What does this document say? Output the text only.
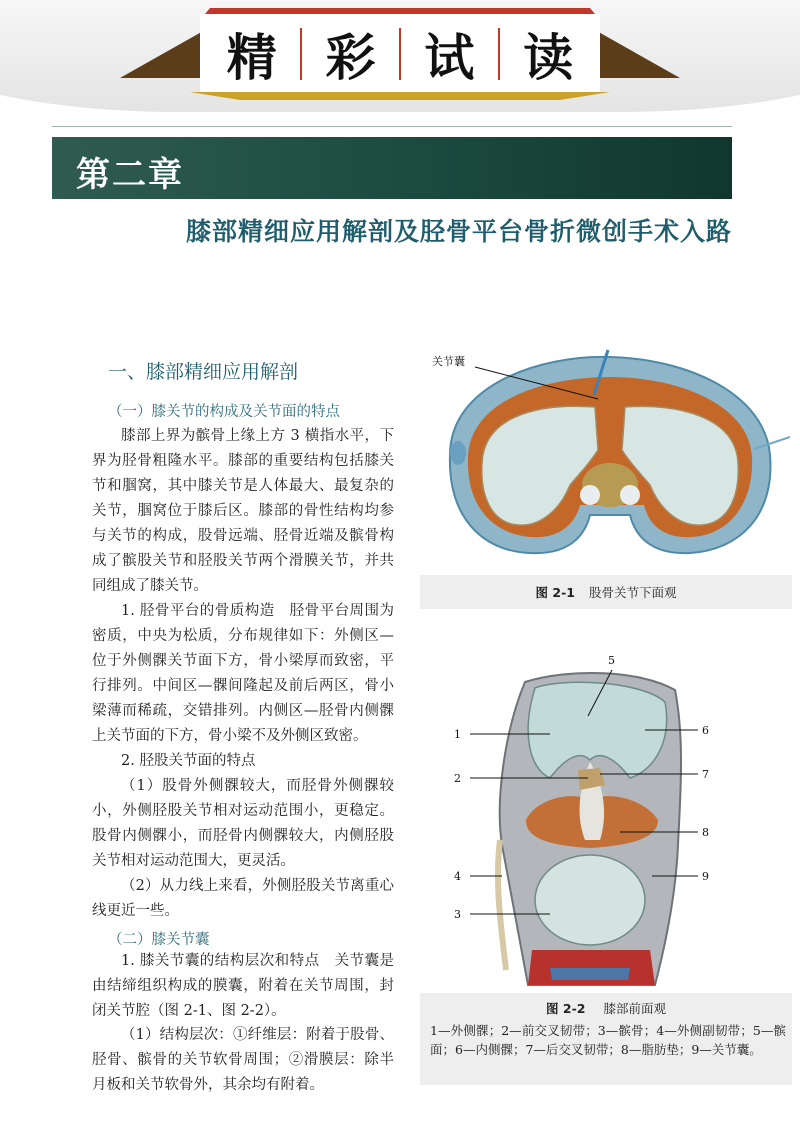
精 彩 试 读
第二章
膝部精细应用解剖及胫骨平台骨折微创手术入路
一、膝部精细应用解剖
（一）膝关节的构成及关节面的特点

膝部上界为髌骨上缘上方 3 横指水平，下界为胫骨粗隆水平。膝部的重要结构包括膝关节和腘窝，其中膝关节是人体最大、最复杂的关节，腘窝位于膝后区。膝部的骨性结构均参与关节的构成，股骨远端、胫骨近端及髌骨构成了髌股关节和胫股关节两个滑膜关节，并共同组成了膝关节。

1. 胫骨平台的骨质构造　胫骨平台周围为密质，中央为松质，分布规律如下：外侧区—位于外侧髁关节面下方，骨小梁厚而致密，平行排列。中间区—髁间隆起及前后两区，骨小梁薄而稀疏，交错排列。内侧区—胫骨内侧髁上关节面的下方，骨小梁不及外侧区致密。

2. 胫股关节面的特点

（1）股骨外侧髁较大，而胫骨外侧髁较小，外侧胫股关节相对运动范围小，更稳定。股骨内侧髁小，而胫骨内侧髁较大，内侧胫股关节相对运动范围大，更灵活。

（2）从力线上来看，外侧胫股关节离重心线更近一些。

（二）膝关节囊

1. 膝关节囊的结构层次和特点　关节囊是由结缔组织构成的膜囊，附着在关节周围，封闭关节腔（图 2-1、图 2-2）。

（1）结构层次：①纤维层：附着于股骨、胫骨、髌骨的关节软骨周围；②滑膜层：除半月板和关节软骨外，其余均有附着。

关节囊
图 2-1 股骨关节下面观
1
2
3
4
5
6
7
8
9
图 2-2 膝部前面观

1—外侧髁；2—前交叉韧带；3—髌骨；4—外侧副韧带；5—髌面；6—内侧髁；7—后交叉韧带；8—脂肪垫；9—关节囊。
